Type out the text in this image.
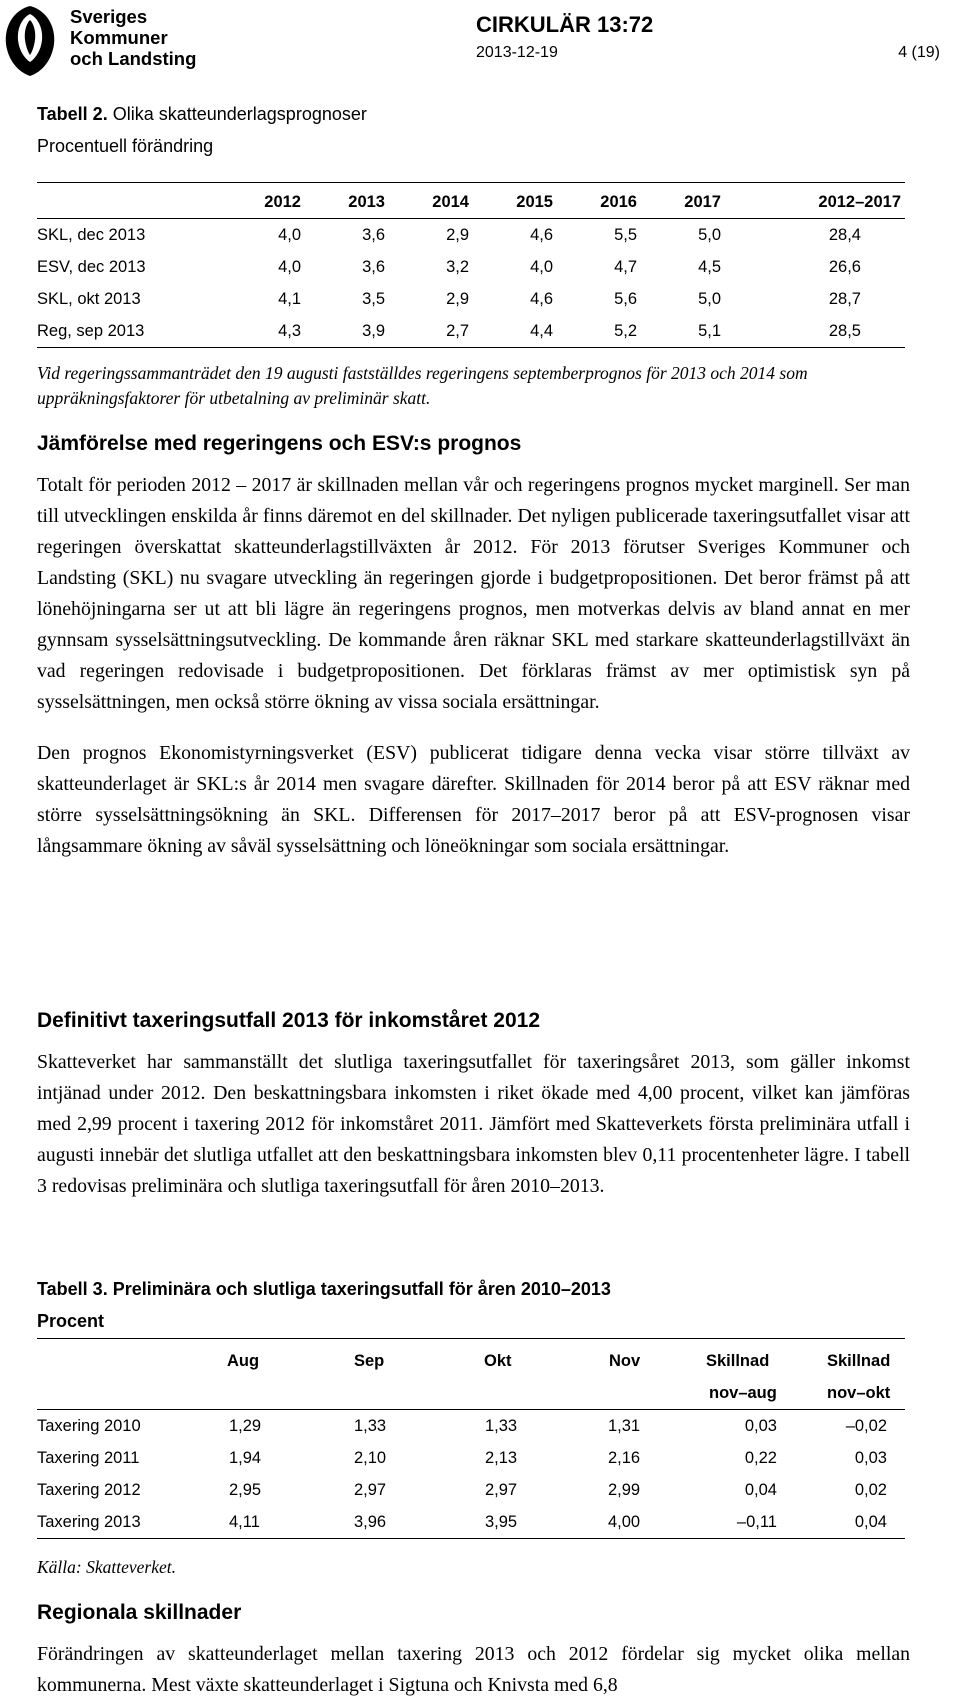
Sveriges
Kommuner
och Landsting
CIRKULÄR 13:72
2013-12-19	4 (19)
Tabell 2. Olika skatteunderlagsprognoser
Procentuell förändring
	2012	2013	2014	2015	2016	2017	2012–2017

SKL, dec 2013	4,0	3,6	2,9	4,6	5,5	5,0	28,4
ESV, dec 2013	4,0	3,6	3,2	4,0	4,7	4,5	26,6
SKL, okt 2013	4,1	3,5	2,9	4,6	5,6	5,0	28,7
Reg, sep 2013	4,3	3,9	2,7	4,4	5,2	5,1	28,5

Vid regeringssammanträdet den 19 augusti fastställdes regeringens septemberprognos för 2013 och 2014 som uppräkningsfaktorer för utbetalning av preliminär skatt.
Jämförelse med regeringens och ESV:s prognos

Totalt för perioden 2012 – 2017 är skillnaden mellan vår och regeringens prognos mycket marginell. Ser man till utvecklingen enskilda år finns däremot en del skillnader. Det nyligen publicerade taxeringsutfallet visar att regeringen överskattat skatteunderlagstillväxten år 2012. För 2013 förutser Sveriges Kommuner och Landsting (SKL) nu svagare utveckling än regeringen gjorde i budgetpropositionen. Det beror främst på att lönehöjningarna ser ut att bli lägre än regeringens prognos, men motverkas delvis av bland annat en mer gynnsam sysselsättningsutveckling. De kommande åren räknar SKL med starkare skatteunderlagstillväxt än vad regeringen redovisade i budgetpropositionen. Det förklaras främst av mer optimistisk syn på sysselsättningen, men också större ökning av vissa sociala ersättningar.

Den prognos Ekonomistyrningsverket (ESV) publicerat tidigare denna vecka visar större tillväxt av skatteunderlaget är SKL:s år 2014 men svagare därefter. Skillnaden för 2014 beror på att ESV räknar med större sysselsättningsökning än SKL. Differensen för 2017–2017 beror på att ESV-prognosen visar långsammare ökning av såväl sysselsättning och löneökningar som sociala ersättningar.

Definitivt taxeringsutfall 2013 för inkomståret 2012

Skatteverket har sammanställt det slutliga taxeringsutfallet för taxeringsåret 2013, som gäller inkomst intjänad under 2012. Den beskattningsbara inkomsten i riket ökade med 4,00 procent, vilket kan jämföras med 2,99 procent i taxering 2012 för inkomståret 2011. Jämfört med Skatteverkets första preliminära utfall i augusti innebär det slutliga utfallet att den beskattningsbara inkomsten blev 0,11 procentenheter lägre. I tabell 3 redovisas preliminära och slutliga taxeringsutfall för åren 2010–2013.

Tabell 3. Preliminära och slutliga taxeringsutfall för åren 2010–2013
Procent
	Aug	Sep	Okt	Nov	Skillnad	Skillnad
					nov–aug	nov–okt

Taxering 2010	1,29	1,33	1,33	1,31	0,03	–0,02
Taxering 2011	1,94	2,10	2,13	2,16	0,22	0,03
Taxering 2012	2,95	2,97	2,97	2,99	0,04	0,02
Taxering 2013	4,11	3,96	3,95	4,00	–0,11	0,04

Källa: Skatteverket.
Regionala skillnader

Förändringen av skatteunderlaget mellan taxering 2013 och 2012 fördelar sig mycket olika mellan kommunerna. Mest växte skatteunderlaget i Sigtuna och Knivsta med 6,8
